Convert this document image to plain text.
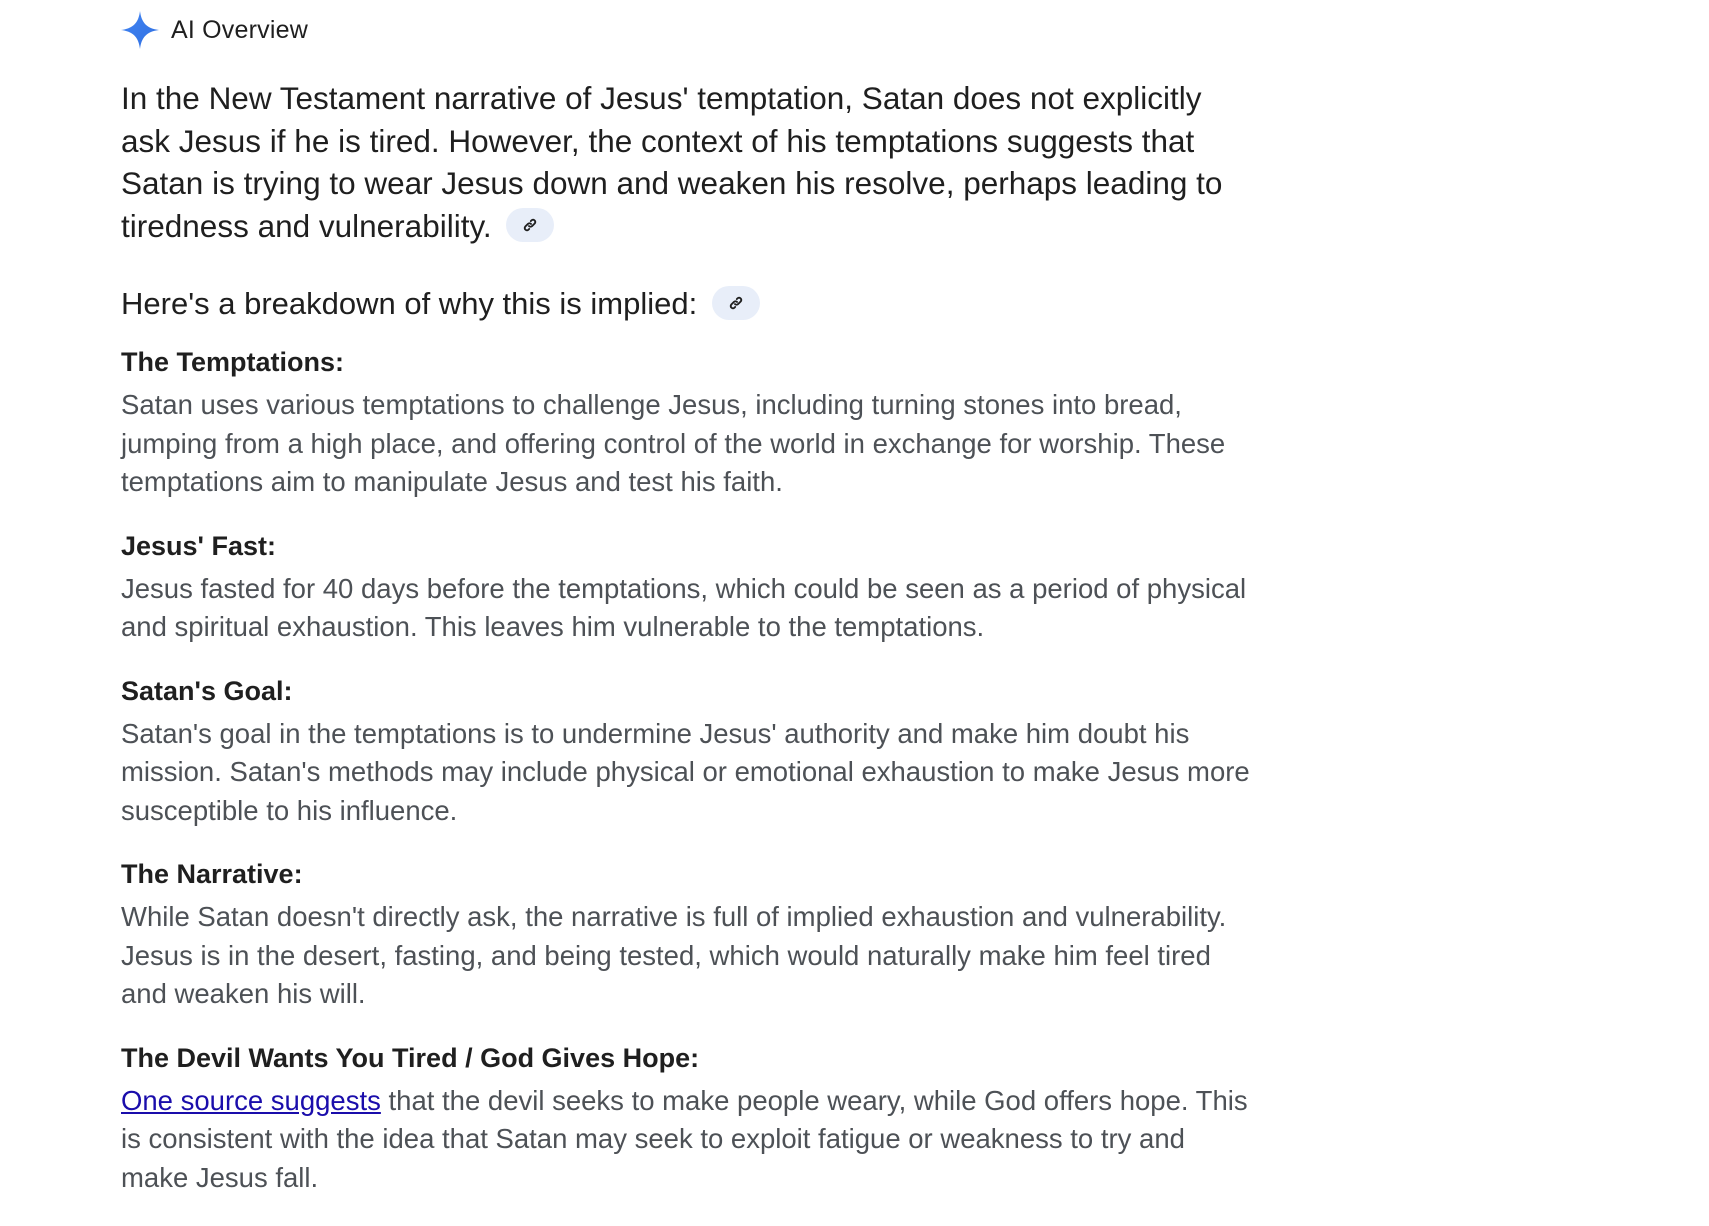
AI Overview
In the New Testament narrative of Jesus' temptation, Satan does not explicitly ask Jesus if he is tired. However, the context of his temptations suggests that Satan is trying to wear Jesus down and weaken his resolve, perhaps leading to tiredness and vulnerability.
Here's a breakdown of why this is implied:
The Temptations:
Satan uses various temptations to challenge Jesus, including turning stones into bread, jumping from a high place, and offering control of the world in exchange for worship. These temptations aim to manipulate Jesus and test his faith.
Jesus' Fast:
Jesus fasted for 40 days before the temptations, which could be seen as a period of physical and spiritual exhaustion. This leaves him vulnerable to the temptations.
Satan's Goal:
Satan's goal in the temptations is to undermine Jesus' authority and make him doubt his mission. Satan's methods may include physical or emotional exhaustion to make Jesus more susceptible to his influence.
The Narrative:
While Satan doesn't directly ask, the narrative is full of implied exhaustion and vulnerability. Jesus is in the desert, fasting, and being tested, which would naturally make him feel tired and weaken his will.
The Devil Wants You Tired / God Gives Hope:
One source suggests that the devil seeks to make people weary, while God offers hope. This is consistent with the idea that Satan may seek to exploit fatigue or weakness to try and make Jesus fall.
